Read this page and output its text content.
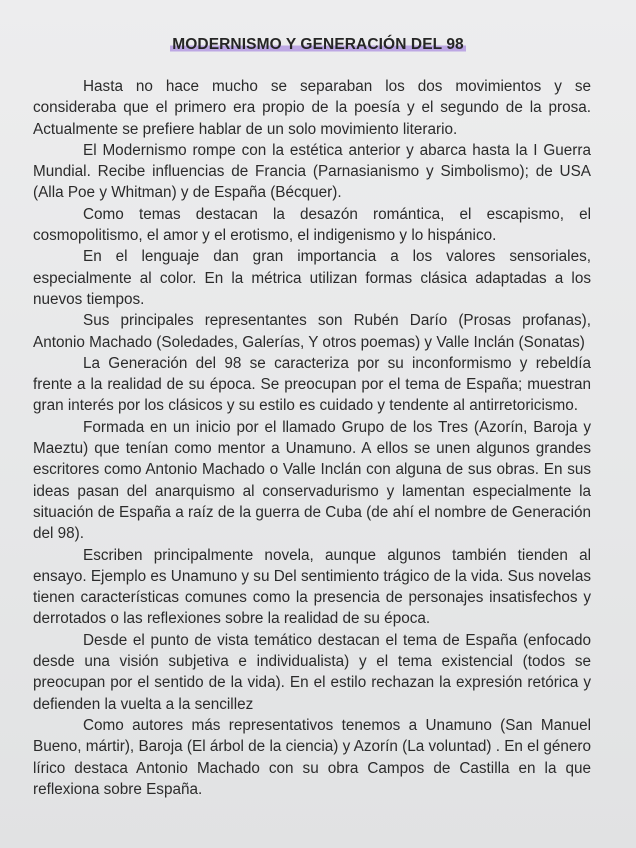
MODERNISMO Y GENERACIÓN DEL 98

Hasta no hace mucho se separaban los dos movimientos y se consideraba que el primero era propio de la poesía y el segundo de la prosa. Actualmente se prefiere hablar de un solo movimiento literario.

El Modernismo rompe con la estética anterior y abarca hasta la I Guerra Mundial. Recibe influencias de Francia (Parnasianismo y Simbolismo); de USA (Alla Poe y Whitman) y de España (Bécquer).

Como temas destacan la desazón romántica, el escapismo, el cosmopolitismo, el amor y el erotismo, el indigenismo y lo hispánico.

En el lenguaje dan gran importancia a los valores sensoriales, especialmente al color. En la métrica utilizan formas clásica adaptadas a los nuevos tiempos.

Sus principales representantes son Rubén Darío (Prosas profanas), Antonio Machado (Soledades, Galerías, Y otros poemas) y Valle Inclán (Sonatas)

La Generación del 98 se caracteriza por su inconformismo y rebeldía frente a la realidad de su época. Se preocupan por el tema de España; muestran gran interés por los clásicos y su estilo es cuidado y tendente al antirretoricismo.

Formada en un inicio por el llamado Grupo de los Tres (Azorín, Baroja y Maeztu) que tenían como mentor a Unamuno. A ellos se unen algunos grandes escritores como Antonio Machado o Valle Inclán con alguna de sus obras. En sus ideas pasan del anarquismo al conservadurismo y lamentan especialmente la situación de España a raíz de la guerra de Cuba (de ahí el nombre de Generación del 98).

Escriben principalmente novela, aunque algunos también tienden al ensayo. Ejemplo es Unamuno y su Del sentimiento trágico de la vida. Sus novelas tienen características comunes como la presencia de personajes insatisfechos y derrotados o las reflexiones sobre la realidad de su época.

Desde el punto de vista temático destacan el tema de España (enfocado desde una visión subjetiva e individualista) y el tema existencial (todos se preocupan por el sentido de la vida). En el estilo rechazan la expresión retórica y defienden la vuelta a la sencillez

Como autores más representativos tenemos a Unamuno (San Manuel Bueno, mártir), Baroja (El árbol de la ciencia) y Azorín (La voluntad) . En el género lírico destaca Antonio Machado con su obra Campos de Castilla en la que reflexiona sobre España.
